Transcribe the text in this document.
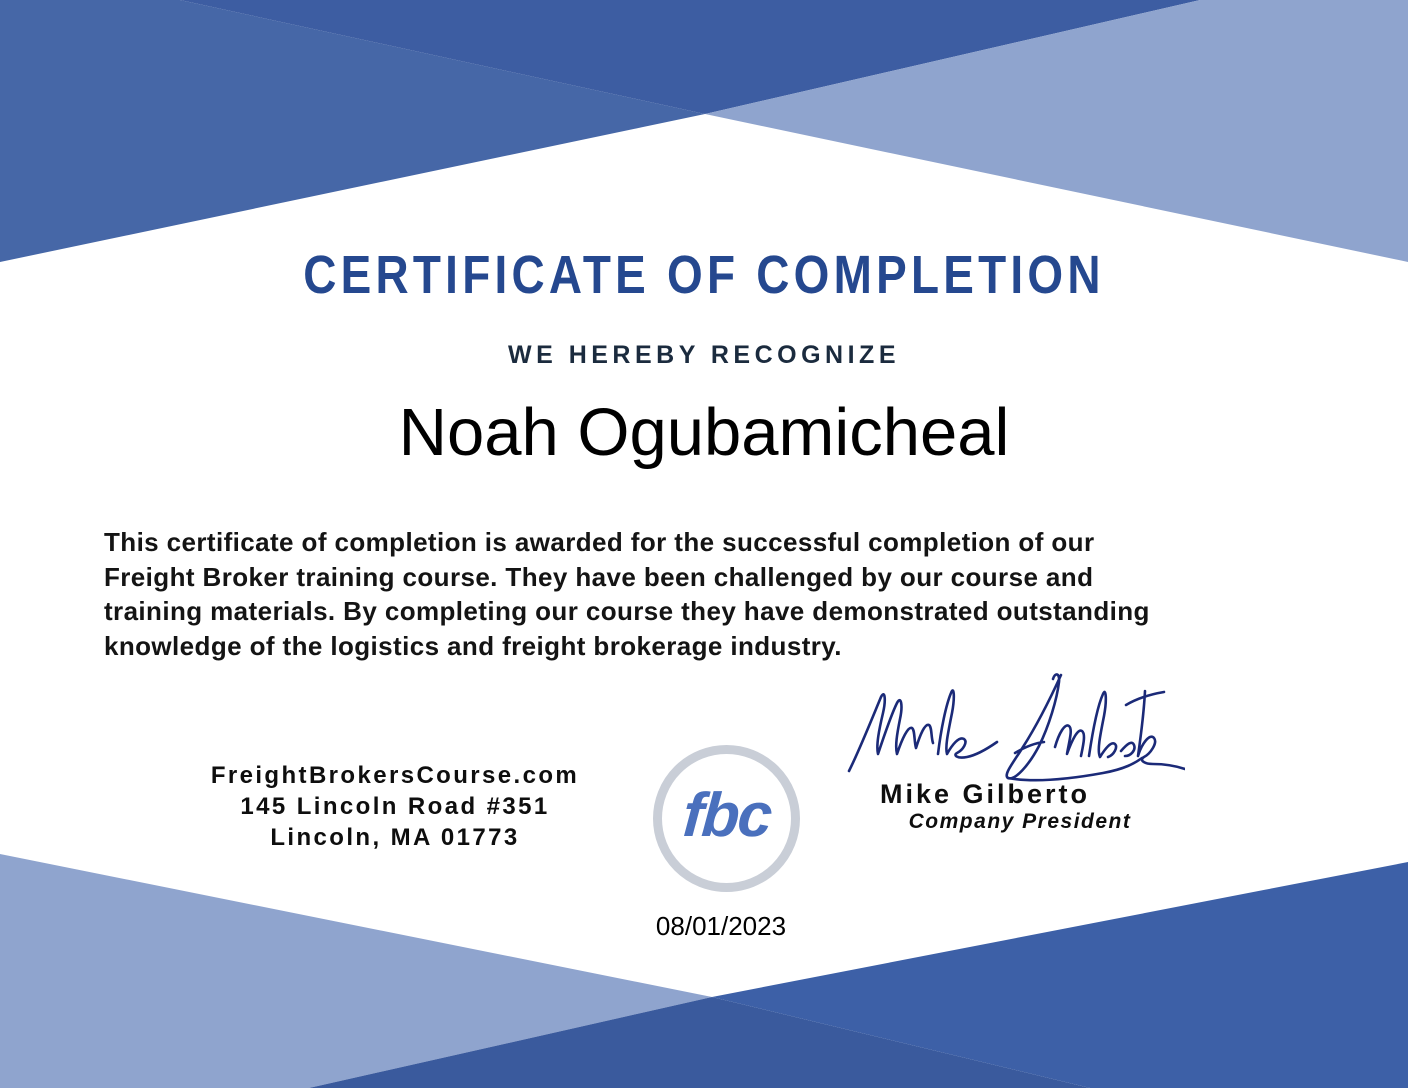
CERTIFICATE OF COMPLETION
WE HEREBY RECOGNIZE
Noah Ogubamicheal
This certificate of completion is awarded for the successful completion of our
Freight Broker training course. They have been challenged by our course and
training materials. By completing our course they have demonstrated outstanding
knowledge of the logistics and freight brokerage industry.
FreightBrokersCourse.com
145 Lincoln Road #351
Lincoln, MA 01773	fbc	Mike Gilberto
Company President
08/01/2023
